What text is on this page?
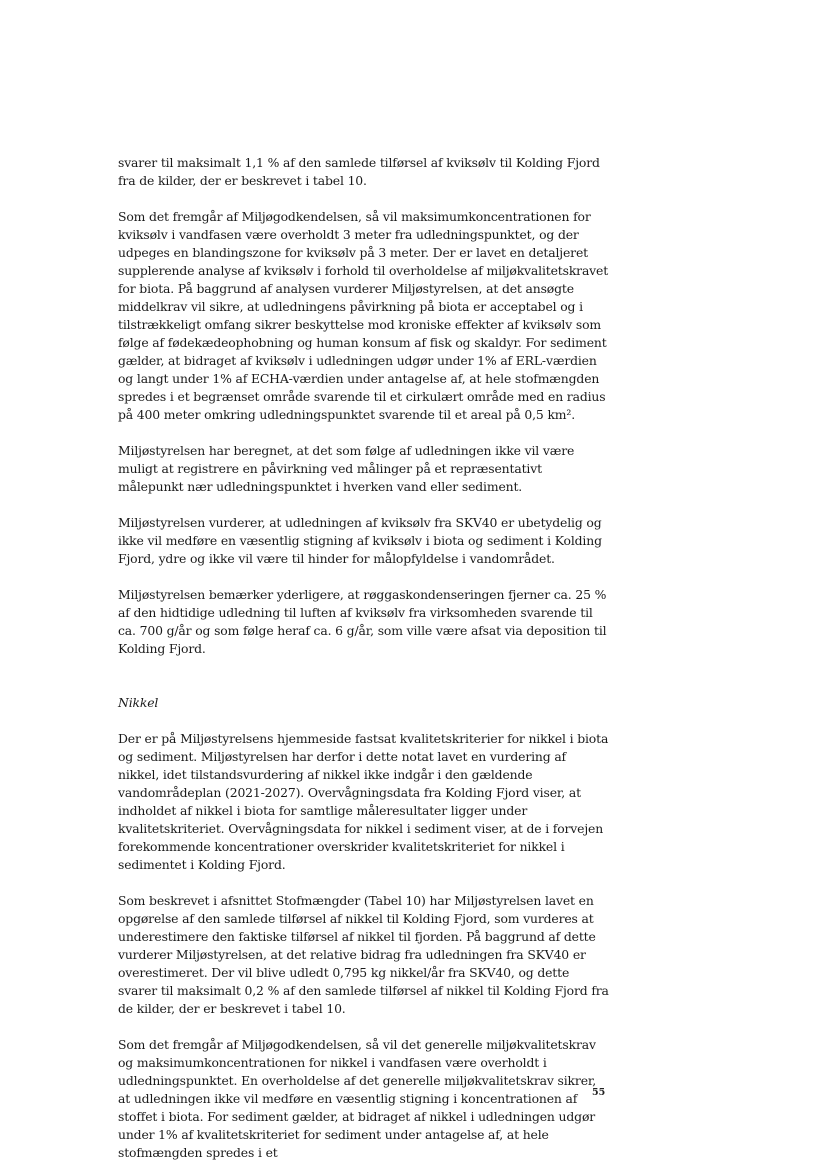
svarer til maksimalt 1,1 % af den samlede tilførsel af kviksølv til Kolding Fjord fra de kilder, der er beskrevet i tabel 10.

Som det fremgår af Miljøgodkendelsen, så vil maksimumkoncentrationen for kviksølv i vandfasen være overholdt 3 meter fra udledningspunktet, og der udpeges en blandingszone for kviksølv på 3 meter. Der er lavet en detaljeret supplerende analyse af kviksølv i forhold til overholdelse af miljøkvalitetskravet for biota. På baggrund af analysen vurderer Miljøstyrelsen, at det ansøgte middelkrav vil sikre, at udledningens påvirkning på biota er acceptabel og i tilstrækkeligt omfang sikrer beskyttelse mod kroniske effekter af kviksølv som følge af fødekædeophobning og human konsum af fisk og skaldyr. For sediment gælder, at bidraget af kviksølv i udledningen udgør under 1% af ERL-værdien og langt under 1% af ECHA-værdien under antagelse af, at hele stofmængden spredes i et begrænset område svarende til et cirkulært område med en radius på 400 meter omkring udledningspunktet svarende til et areal på 0,5 km².

Miljøstyrelsen har beregnet, at det som følge af udledningen ikke vil være muligt at registrere en påvirkning ved målinger på et repræsentativt målepunkt nær udledningspunktet i hverken vand eller sediment.

Miljøstyrelsen vurderer, at udledningen af kviksølv fra SKV40 er ubetydelig og ikke vil medføre en væsentlig stigning af kviksølv i biota og sediment i Kolding Fjord, ydre og ikke vil være til hinder for målopfyldelse i vandområdet.

Miljøstyrelsen bemærker yderligere, at røggaskondenseringen fjerner ca. 25 % af den hidtidige udledning til luften af kviksølv fra virksomheden svarende til ca. 700 g/år og som følge heraf ca. 6 g/år, som ville være afsat via deposition til Kolding Fjord.

Nikkel

Der er på Miljøstyrelsens hjemmeside fastsat kvalitetskriterier for nikkel i biota og sediment. Miljøstyrelsen har derfor i dette notat lavet en vurdering af nikkel, idet tilstandsvurdering af nikkel ikke indgår i den gældende vandområdeplan (2021-2027). Overvågningsdata fra Kolding Fjord viser, at indholdet af nikkel i biota for samtlige måleresultater ligger under kvalitetskriteriet. Overvågningsdata for nikkel i sediment viser, at de i forvejen forekommende koncentrationer overskrider kvalitetskriteriet for nikkel i sedimentet i Kolding Fjord.

Som beskrevet i afsnittet Stofmængder (Tabel 10) har Miljøstyrelsen lavet en opgørelse af den samlede tilførsel af nikkel til Kolding Fjord, som vurderes at underestimere den faktiske tilførsel af nikkel til fjorden. På baggrund af dette vurderer Miljøstyrelsen, at det relative bidrag fra udledningen fra SKV40 er overestimeret. Der vil blive udledt 0,795 kg nikkel/år fra SKV40, og dette svarer til maksimalt 0,2 % af den samlede tilførsel af nikkel til Kolding Fjord fra de kilder, der er beskrevet i tabel 10.

Som det fremgår af Miljøgodkendelsen, så vil det generelle miljøkvalitetskrav og maksimumkoncentrationen for nikkel i vandfasen være overholdt i udledningspunktet. En overholdelse af det generelle miljøkvalitetskrav sikrer, at udledningen ikke vil medføre en væsentlig stigning i koncentrationen af stoffet i biota. For sediment gælder, at bidraget af nikkel i udledningen udgør under 1% af kvalitetskriteriet for sediment under antagelse af, at hele stofmængden spredes i et

55
